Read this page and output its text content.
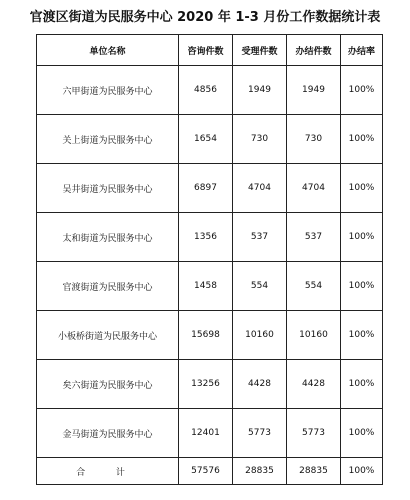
官渡区街道为民服务中心 2020 年 1-3 月份工作数据统计表
单位名称	咨询件数	受理件数	办结件数	办结率
六甲街道为民服务中心	4856	1949	1949	100%
关上街道为民服务中心	1654	730	730	100%
吴井街道为民服务中心	6897	4704	4704	100%
太和街道为民服务中心	1356	537	537	100%
官渡街道为民服务中心	1458	554	554	100%
小板桥街道为民服务中心	15698	10160	10160	100%
矣六街道为民服务中心	13256	4428	4428	100%
金马街道为民服务中心	12401	5773	5773	100%
合 计	57576	28835	28835	100%
